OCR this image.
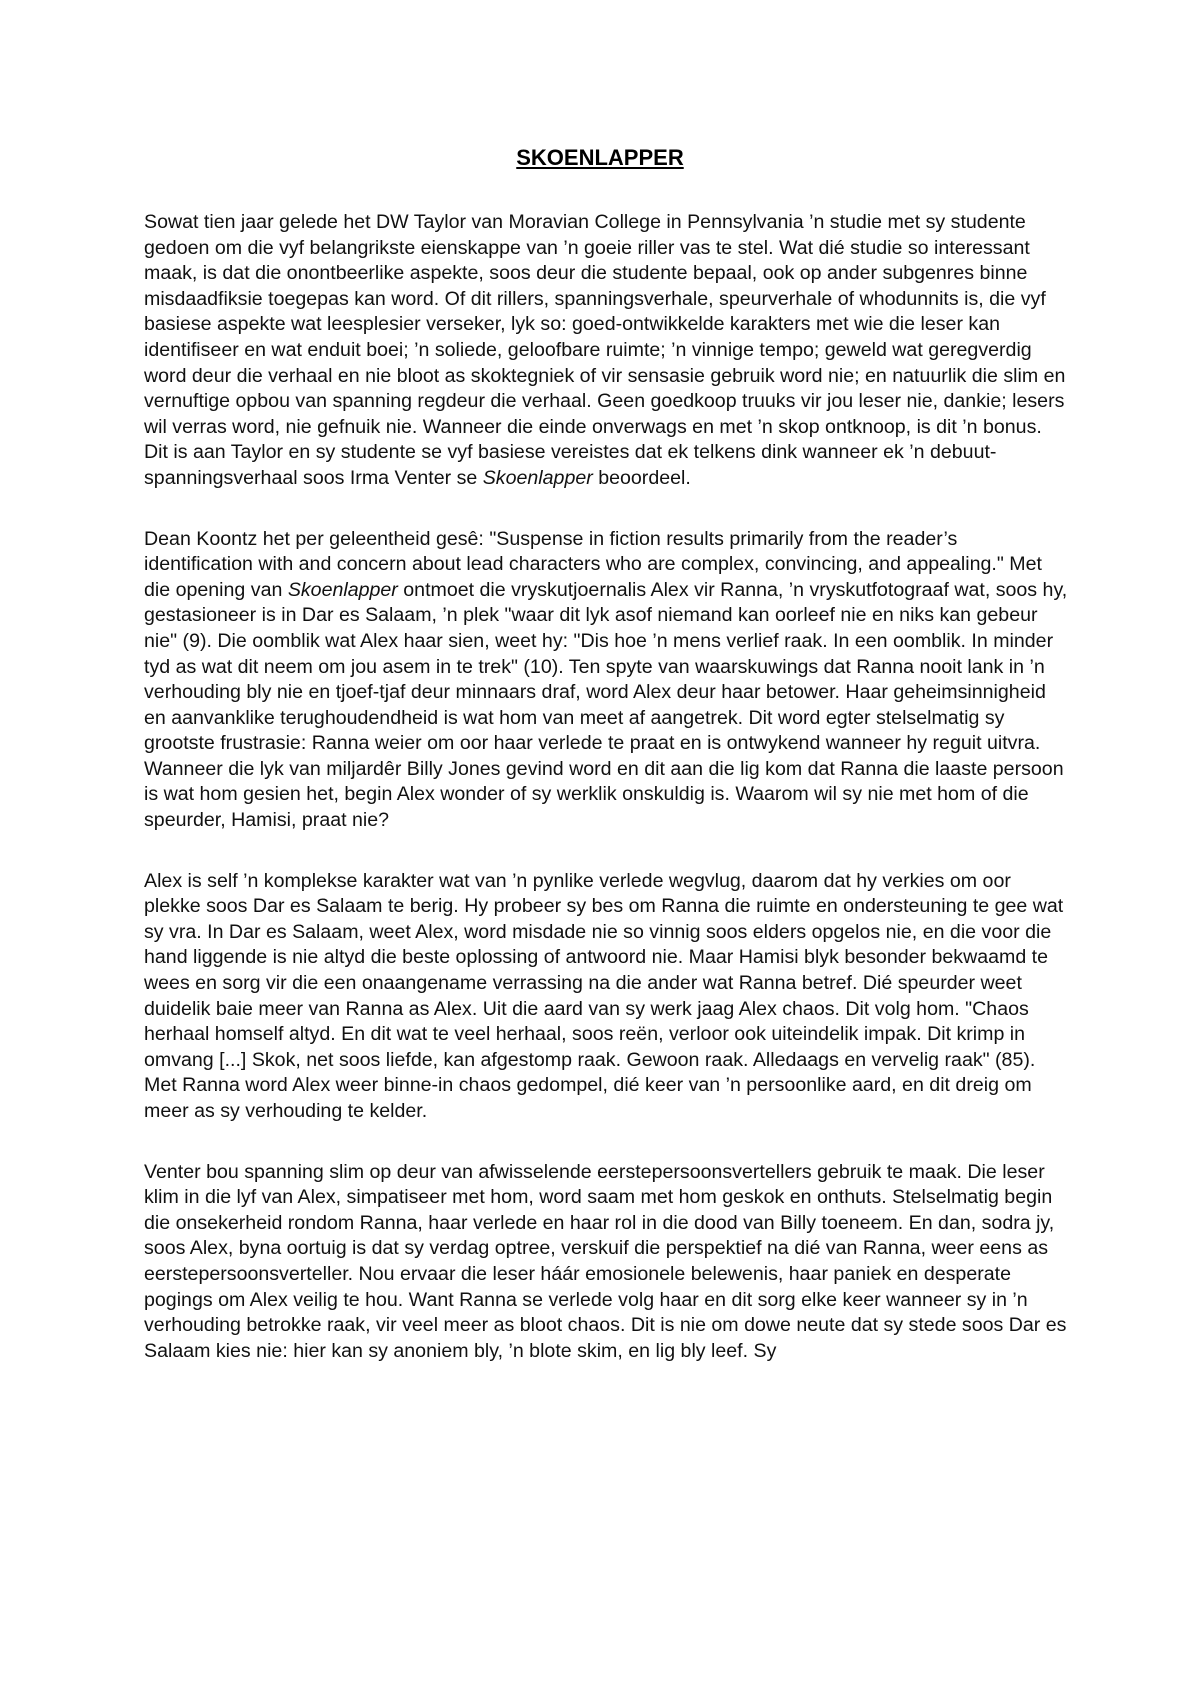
SKOENLAPPER

Sowat tien jaar gelede het DW Taylor van Moravian College in Pennsylvania ’n studie met sy studente gedoen om die vyf belangrikste eienskappe van ’n goeie riller vas te stel. Wat dié studie so interessant maak, is dat die onontbeerlike aspekte, soos deur die studente bepaal, ook op ander subgenres binne misdaadfiksie toegepas kan word. Of dit rillers, spanningsverhale, speurverhale of whodunnits is, die vyf basiese aspekte wat leesplesier verseker, lyk so: goed-ontwikkelde karakters met wie die leser kan identifiseer en wat enduit boei; ’n soliede, geloofbare ruimte; ’n vinnige tempo; geweld wat geregverdig word deur die verhaal en nie bloot as skoktegniek of vir sensasie gebruik word nie; en natuurlik die slim en vernuftige opbou van spanning regdeur die verhaal. Geen goedkoop truuks vir jou leser nie, dankie; lesers wil verras word, nie gefnuik nie. Wanneer die einde onverwags en met ’n skop ontknoop, is dit ’n bonus. Dit is aan Taylor en sy studente se vyf basiese vereistes dat ek telkens dink wanneer ek ’n debuut-spanningsverhaal soos Irma Venter se Skoenlapper beoordeel.

Dean Koontz het per geleentheid gesê: "Suspense in fiction results primarily from the reader’s identification with and concern about lead characters who are complex, convincing, and appealing." Met die opening van Skoenlapper ontmoet die vryskutjoernalis Alex vir Ranna, ’n vryskutfotograaf wat, soos hy, gestasioneer is in Dar es Salaam, ’n plek "waar dit lyk asof niemand kan oorleef nie en niks kan gebeur nie" (9). Die oomblik wat Alex haar sien, weet hy: "Dis hoe ’n mens verlief raak. In een oomblik. In minder tyd as wat dit neem om jou asem in te trek" (10). Ten spyte van waarskuwings dat Ranna nooit lank in ’n verhouding bly nie en tjoef-tjaf deur minnaars draf, word Alex deur haar betower. Haar geheimsinnigheid en aanvanklike terughoudendheid is wat hom van meet af aangetrek. Dit word egter stelselmatig sy grootste frustrasie: Ranna weier om oor haar verlede te praat en is ontwykend wanneer hy reguit uitvra. Wanneer die lyk van miljardêr Billy Jones gevind word en dit aan die lig kom dat Ranna die laaste persoon is wat hom gesien het, begin Alex wonder of sy werklik onskuldig is. Waarom wil sy nie met hom of die speurder, Hamisi, praat nie?

Alex is self ’n komplekse karakter wat van ’n pynlike verlede wegvlug, daarom dat hy verkies om oor plekke soos Dar es Salaam te berig. Hy probeer sy bes om Ranna die ruimte en ondersteuning te gee wat sy vra. In Dar es Salaam, weet Alex, word misdade nie so vinnig soos elders opgelos nie, en die voor die hand liggende is nie altyd die beste oplossing of antwoord nie. Maar Hamisi blyk besonder bekwaamd te wees en sorg vir die een onaangename verrassing na die ander wat Ranna betref. Dié speurder weet duidelik baie meer van Ranna as Alex. Uit die aard van sy werk jaag Alex chaos. Dit volg hom. "Chaos herhaal homself altyd. En dit wat te veel herhaal, soos reën, verloor ook uiteindelik impak. Dit krimp in omvang [...] Skok, net soos liefde, kan afgestomp raak. Gewoon raak. Alledaags en vervelig raak" (85). Met Ranna word Alex weer binne-in chaos gedompel, dié keer van ’n persoonlike aard, en dit dreig om meer as sy verhouding te kelder.

Venter bou spanning slim op deur van afwisselende eerstepersoonsvertellers gebruik te maak. Die leser klim in die lyf van Alex, simpatiseer met hom, word saam met hom geskok en onthuts. Stelselmatig begin die onsekerheid rondom Ranna, haar verlede en haar rol in die dood van Billy toeneem. En dan, sodra jy, soos Alex, byna oortuig is dat sy verdag optree, verskuif die perspektief na dié van Ranna, weer eens as eerstepersoonsverteller. Nou ervaar die leser háár emosionele belewenis, haar paniek en desperate pogings om Alex veilig te hou. Want Ranna se verlede volg haar en dit sorg elke keer wanneer sy in ’n verhouding betrokke raak, vir veel meer as bloot chaos. Dit is nie om dowe neute dat sy stede soos Dar es Salaam kies nie: hier kan sy anoniem bly, ’n blote skim, en lig bly leef. Sy
